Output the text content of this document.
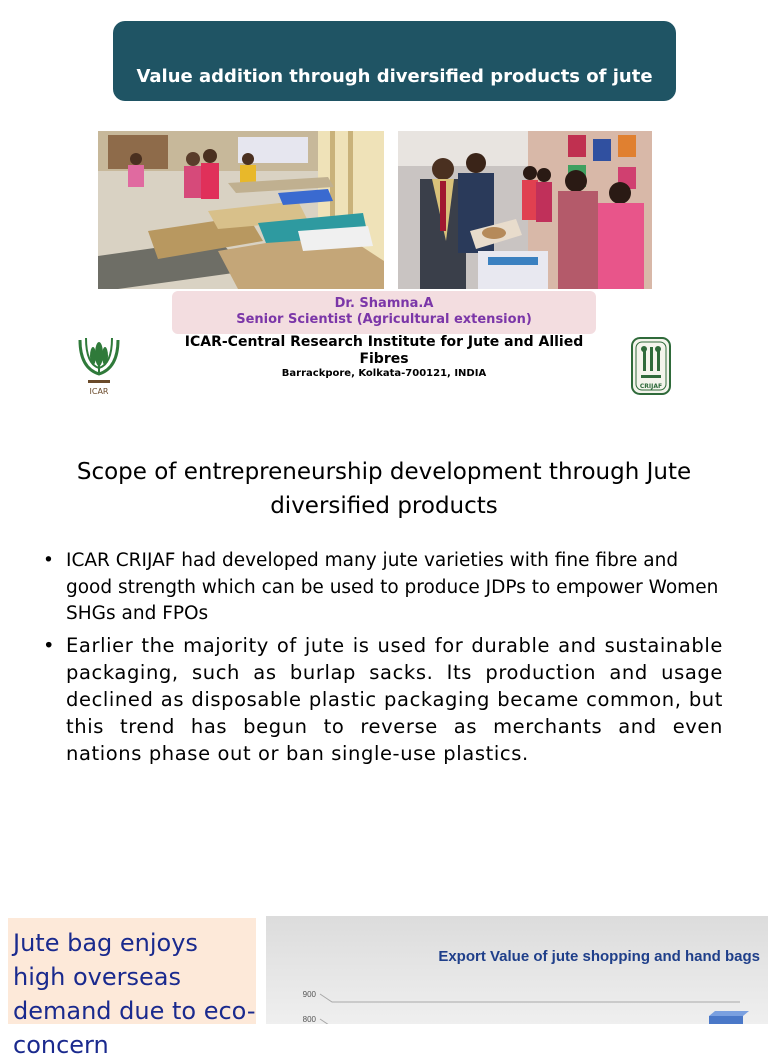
Value addition through diversified products of jute
Dr. Shamna.A
Senior Scientist (Agricultural extension)
ICAR-Central Research Institute for Jute and Allied Fibres
Barrackpore, Kolkata-700121, INDIA
ICAR
CRIJAF
Scope of entrepreneurship development through Jute diversified products
• ICAR CRIJAF had developed many jute varieties with fine fibre and good strength which can be used to produce JDPs to empower Women SHGs and FPOs
• Earlier the majority of jute is used for durable and sustainable packaging, such as burlap sacks. Its production and usage declined as disposable plastic packaging became common, but this trend has begun to reverse as merchants and even nations phase out or ban single-use plastics.
Jute bag enjoys high overseas demand due to eco-concern
Export Value of jute shopping and hand bags
900
800
